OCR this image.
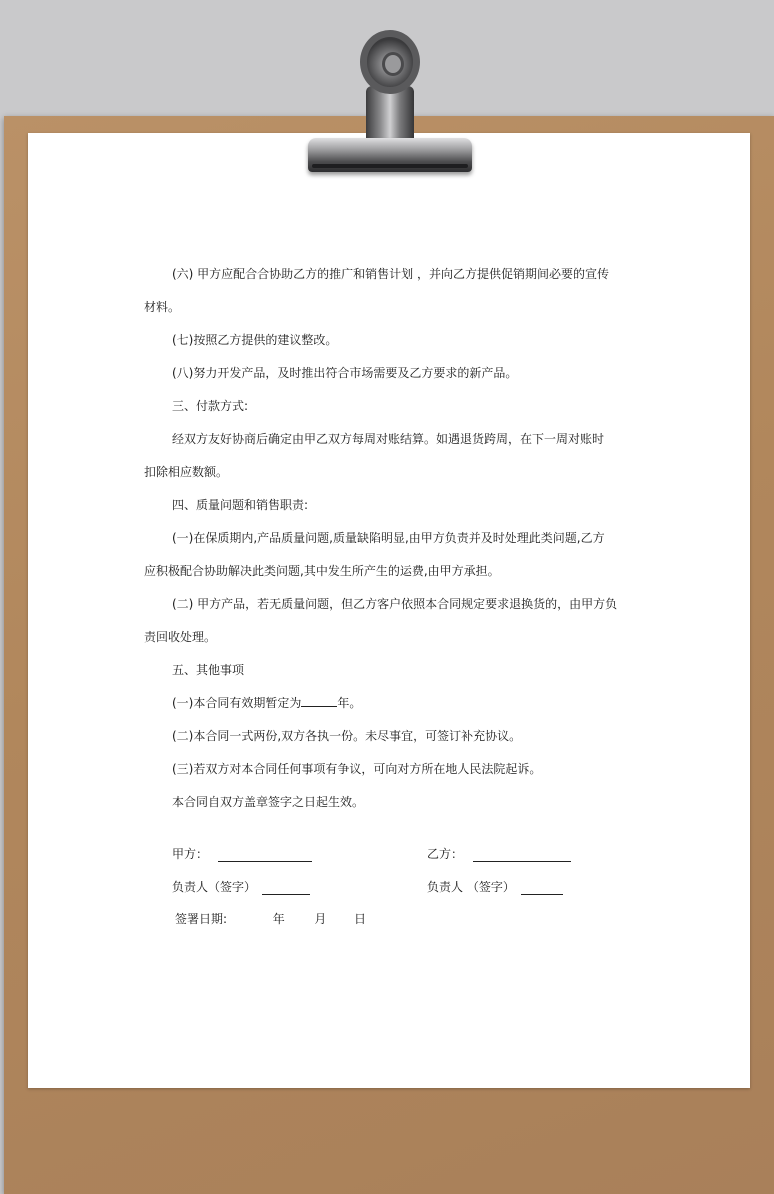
(六) 甲方应配合合协助乙方的推广和销售计划 ，并向乙方提供促销期间必要的宣传

材料。

(七)按照乙方提供的建议整改。

(八)努力开发产品，及时推出符合市场需要及乙方要求的新产品。

三、付款方式:

经双方友好协商后确定由甲乙双方每周对账结算。如遇退货跨周，在下一周对账时

扣除相应数额。

四、质量问题和销售职责:

(一)在保质期内,产品质量问题,质量缺陷明显,由甲方负责并及时处理此类问题,乙方

应积极配合协助解决此类问题,其中发生所产生的运费,由甲方承担。

(二) 甲方产品，若无质量问题，但乙方客户依照本合同规定要求退换货的，由甲方负

责回收处理。

五、其他事项

(一)本合同有效期暂定为	年。

(二)本合同一式两份,双方各执一份。未尽事宜，可签订补充协议。

(三)若双方对本合同任何事项有争议，可向对方所在地人民法院起诉。

本合同自双方盖章签字之日起生效。

甲方：	乙方：
负责人（签字）	负责人 （签字）
签署日期:	年 月 日
